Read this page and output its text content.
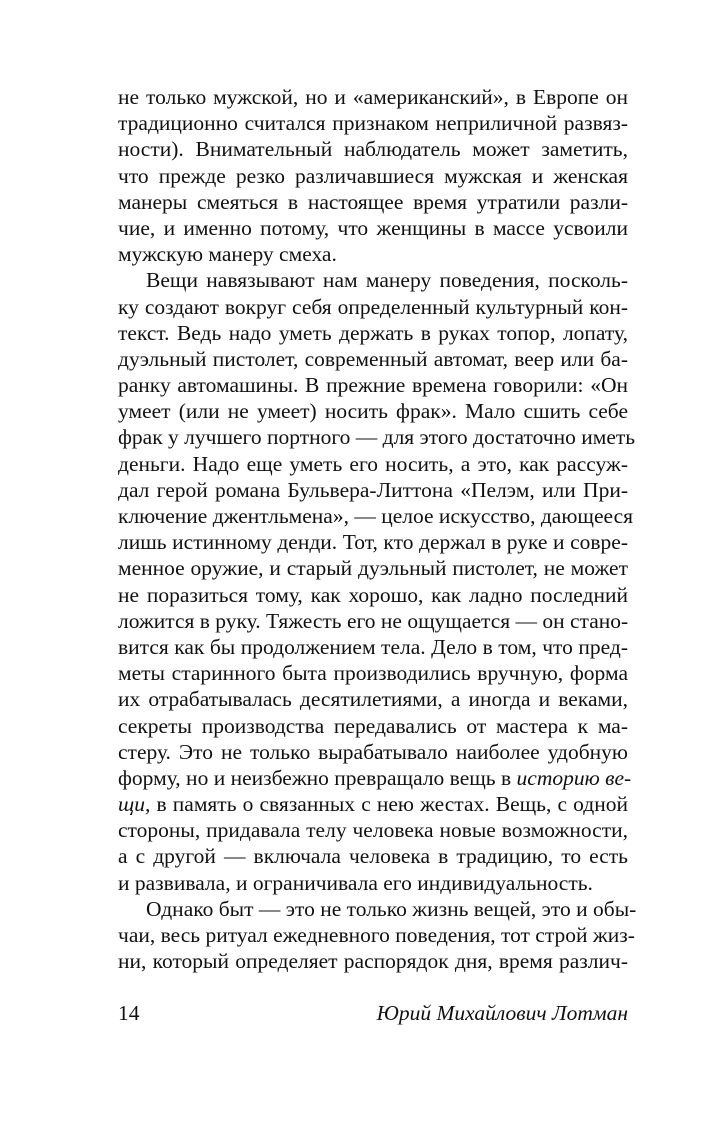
не только мужской, но и «американский», в Европе он
традиционно считался признаком неприличной развяз-
ности). Внимательный наблюдатель может заметить,
что прежде резко различавшиеся мужская и женская
манеры смеяться в настоящее время утратили разли-
чие, и именно потому, что женщины в массе усвоили
мужскую манеру смеха.
Вещи навязывают нам манеру поведения, посколь-
ку создают вокруг себя определенный культурный кон-
текст. Ведь надо уметь держать в руках топор, лопату,
дуэльный пистолет, современный автомат, веер или ба-
ранку автомашины. В прежние времена говорили: «Он
умеет (или не умеет) носить фрак». Мало сшить себе
фрак у лучшего портного — для этого достаточно иметь
деньги. Надо еще уметь его носить, а это, как рассуж-
дал герой романа Бульвера-Литтона «Пелэм, или При-
ключение джентльмена», — целое искусство, дающееся
лишь истинному денди. Тот, кто держал в руке и совре-
менное оружие, и старый дуэльный пистолет, не может
не поразиться тому, как хорошо, как ладно последний
ложится в руку. Тяжесть его не ощущается — он стано-
вится как бы продолжением тела. Дело в том, что пред-
меты старинного быта производились вручную, форма
их отрабатывалась десятилетиями, а иногда и веками,
секреты производства передавались от мастера к ма-
стеру. Это не только вырабатывало наиболее удобную
форму, но и неизбежно превращало вещь в историю ве-
щи, в память о связанных с нею жестах. Вещь, с одной
стороны, придавала телу человека новые возможности,
а с другой — включала человека в традицию, то есть
и развивала, и ограничивала его индивидуальность.
Однако быт — это не только жизнь вещей, это и обы-
чаи, весь ритуал ежедневного поведения, тот строй жиз-
ни, который определяет распорядок дня, время различ-
14	Юрий Михайлович Лотман
